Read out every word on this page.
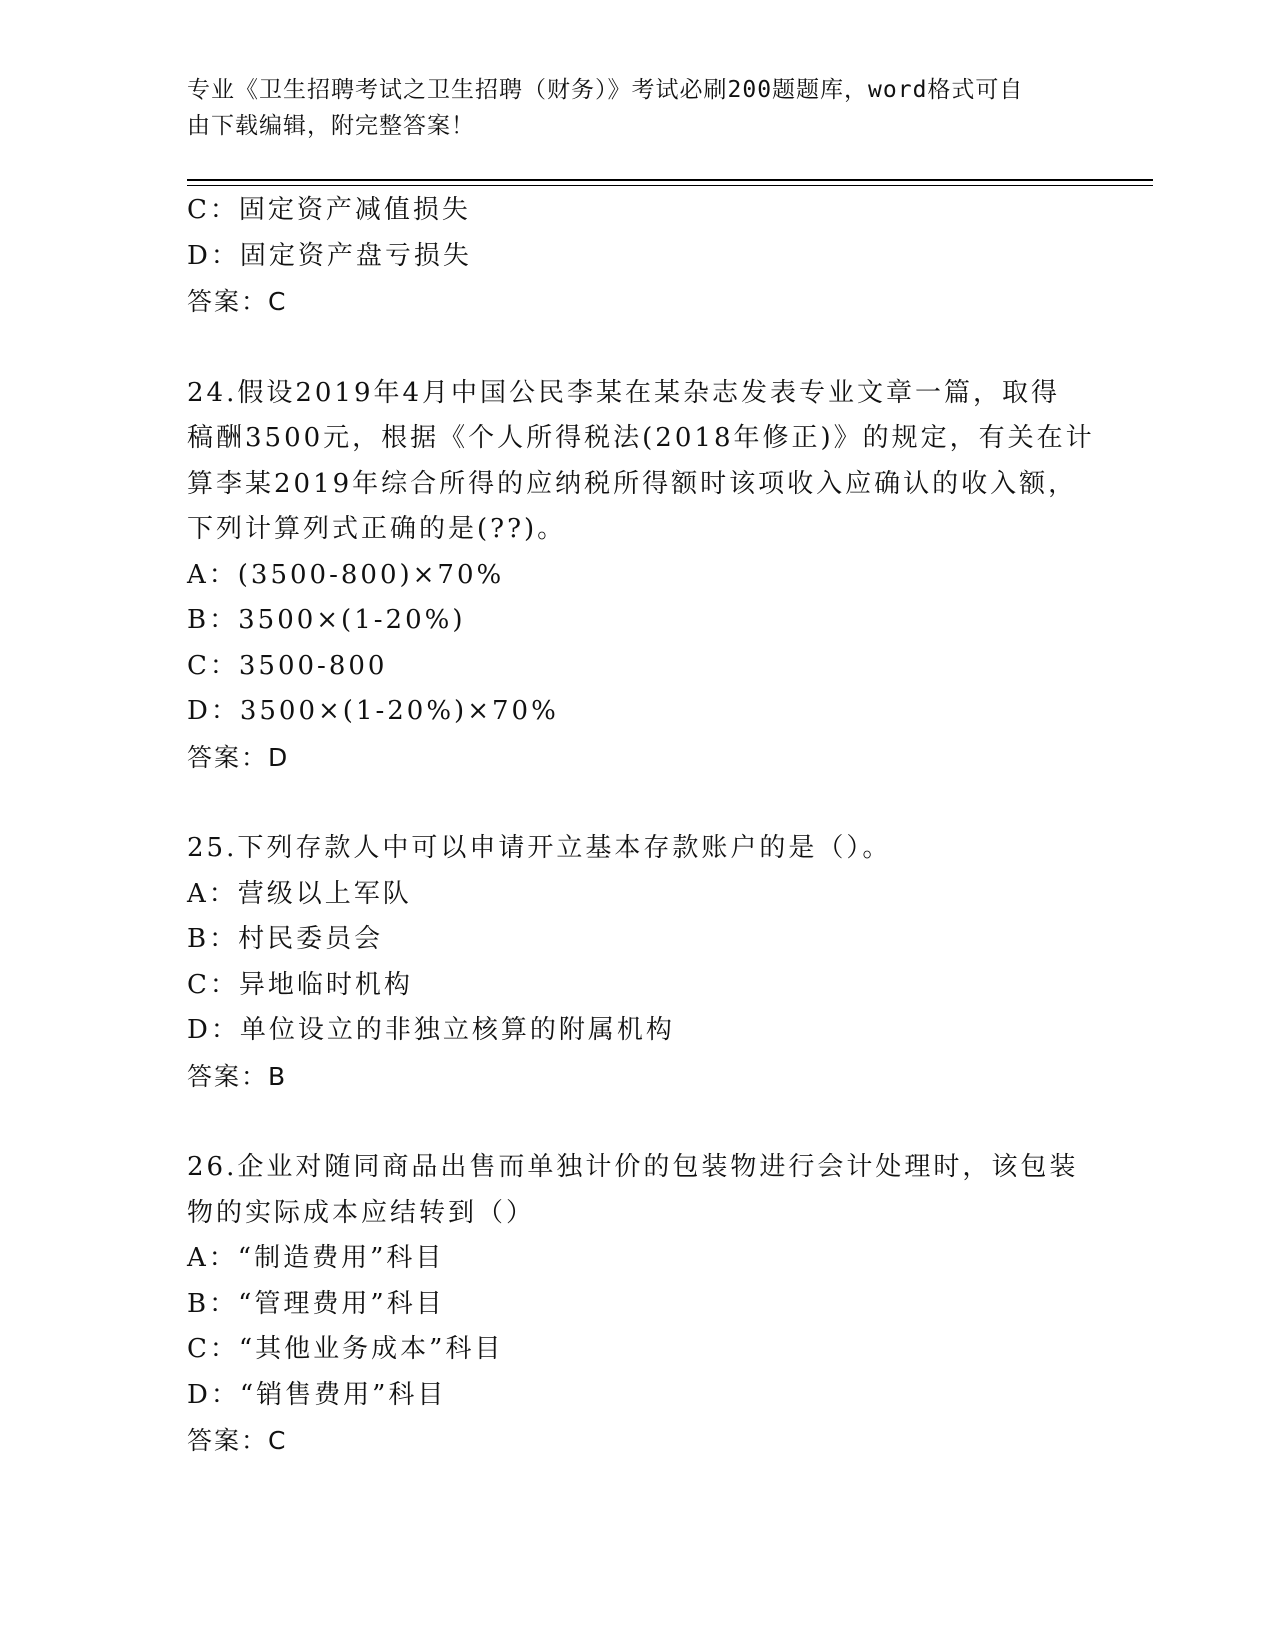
专业《卫生招聘考试之卫生招聘（财务）》考试必刷200题题库，word格式可自
由下载编辑，附完整答案！
C：固定资产减值损失
D：固定资产盘亏损失
答案：C
24.假设2019年4月中国公民李某在某杂志发表专业文章一篇，取得
稿酬3500元，根据《个人所得税法(2018年修正)》的规定，有关在计
算李某2019年综合所得的应纳税所得额时该项收入应确认的收入额，
下列计算列式正确的是(??)。
A：(3500-800)×70%
B：3500×(1-20%)
C：3500-800
D：3500×(1-20%)×70%
答案：D
25.下列存款人中可以申请开立基本存款账户的是（）。
A：营级以上军队
B：村民委员会
C：异地临时机构
D：单位设立的非独立核算的附属机构
答案：B
26.企业对随同商品出售而单独计价的包装物进行会计处理时，该包装
物的实际成本应结转到（）
A：“制造费用”科目
B：“管理费用”科目
C：“其他业务成本”科目
D：“销售费用”科目
答案：C
